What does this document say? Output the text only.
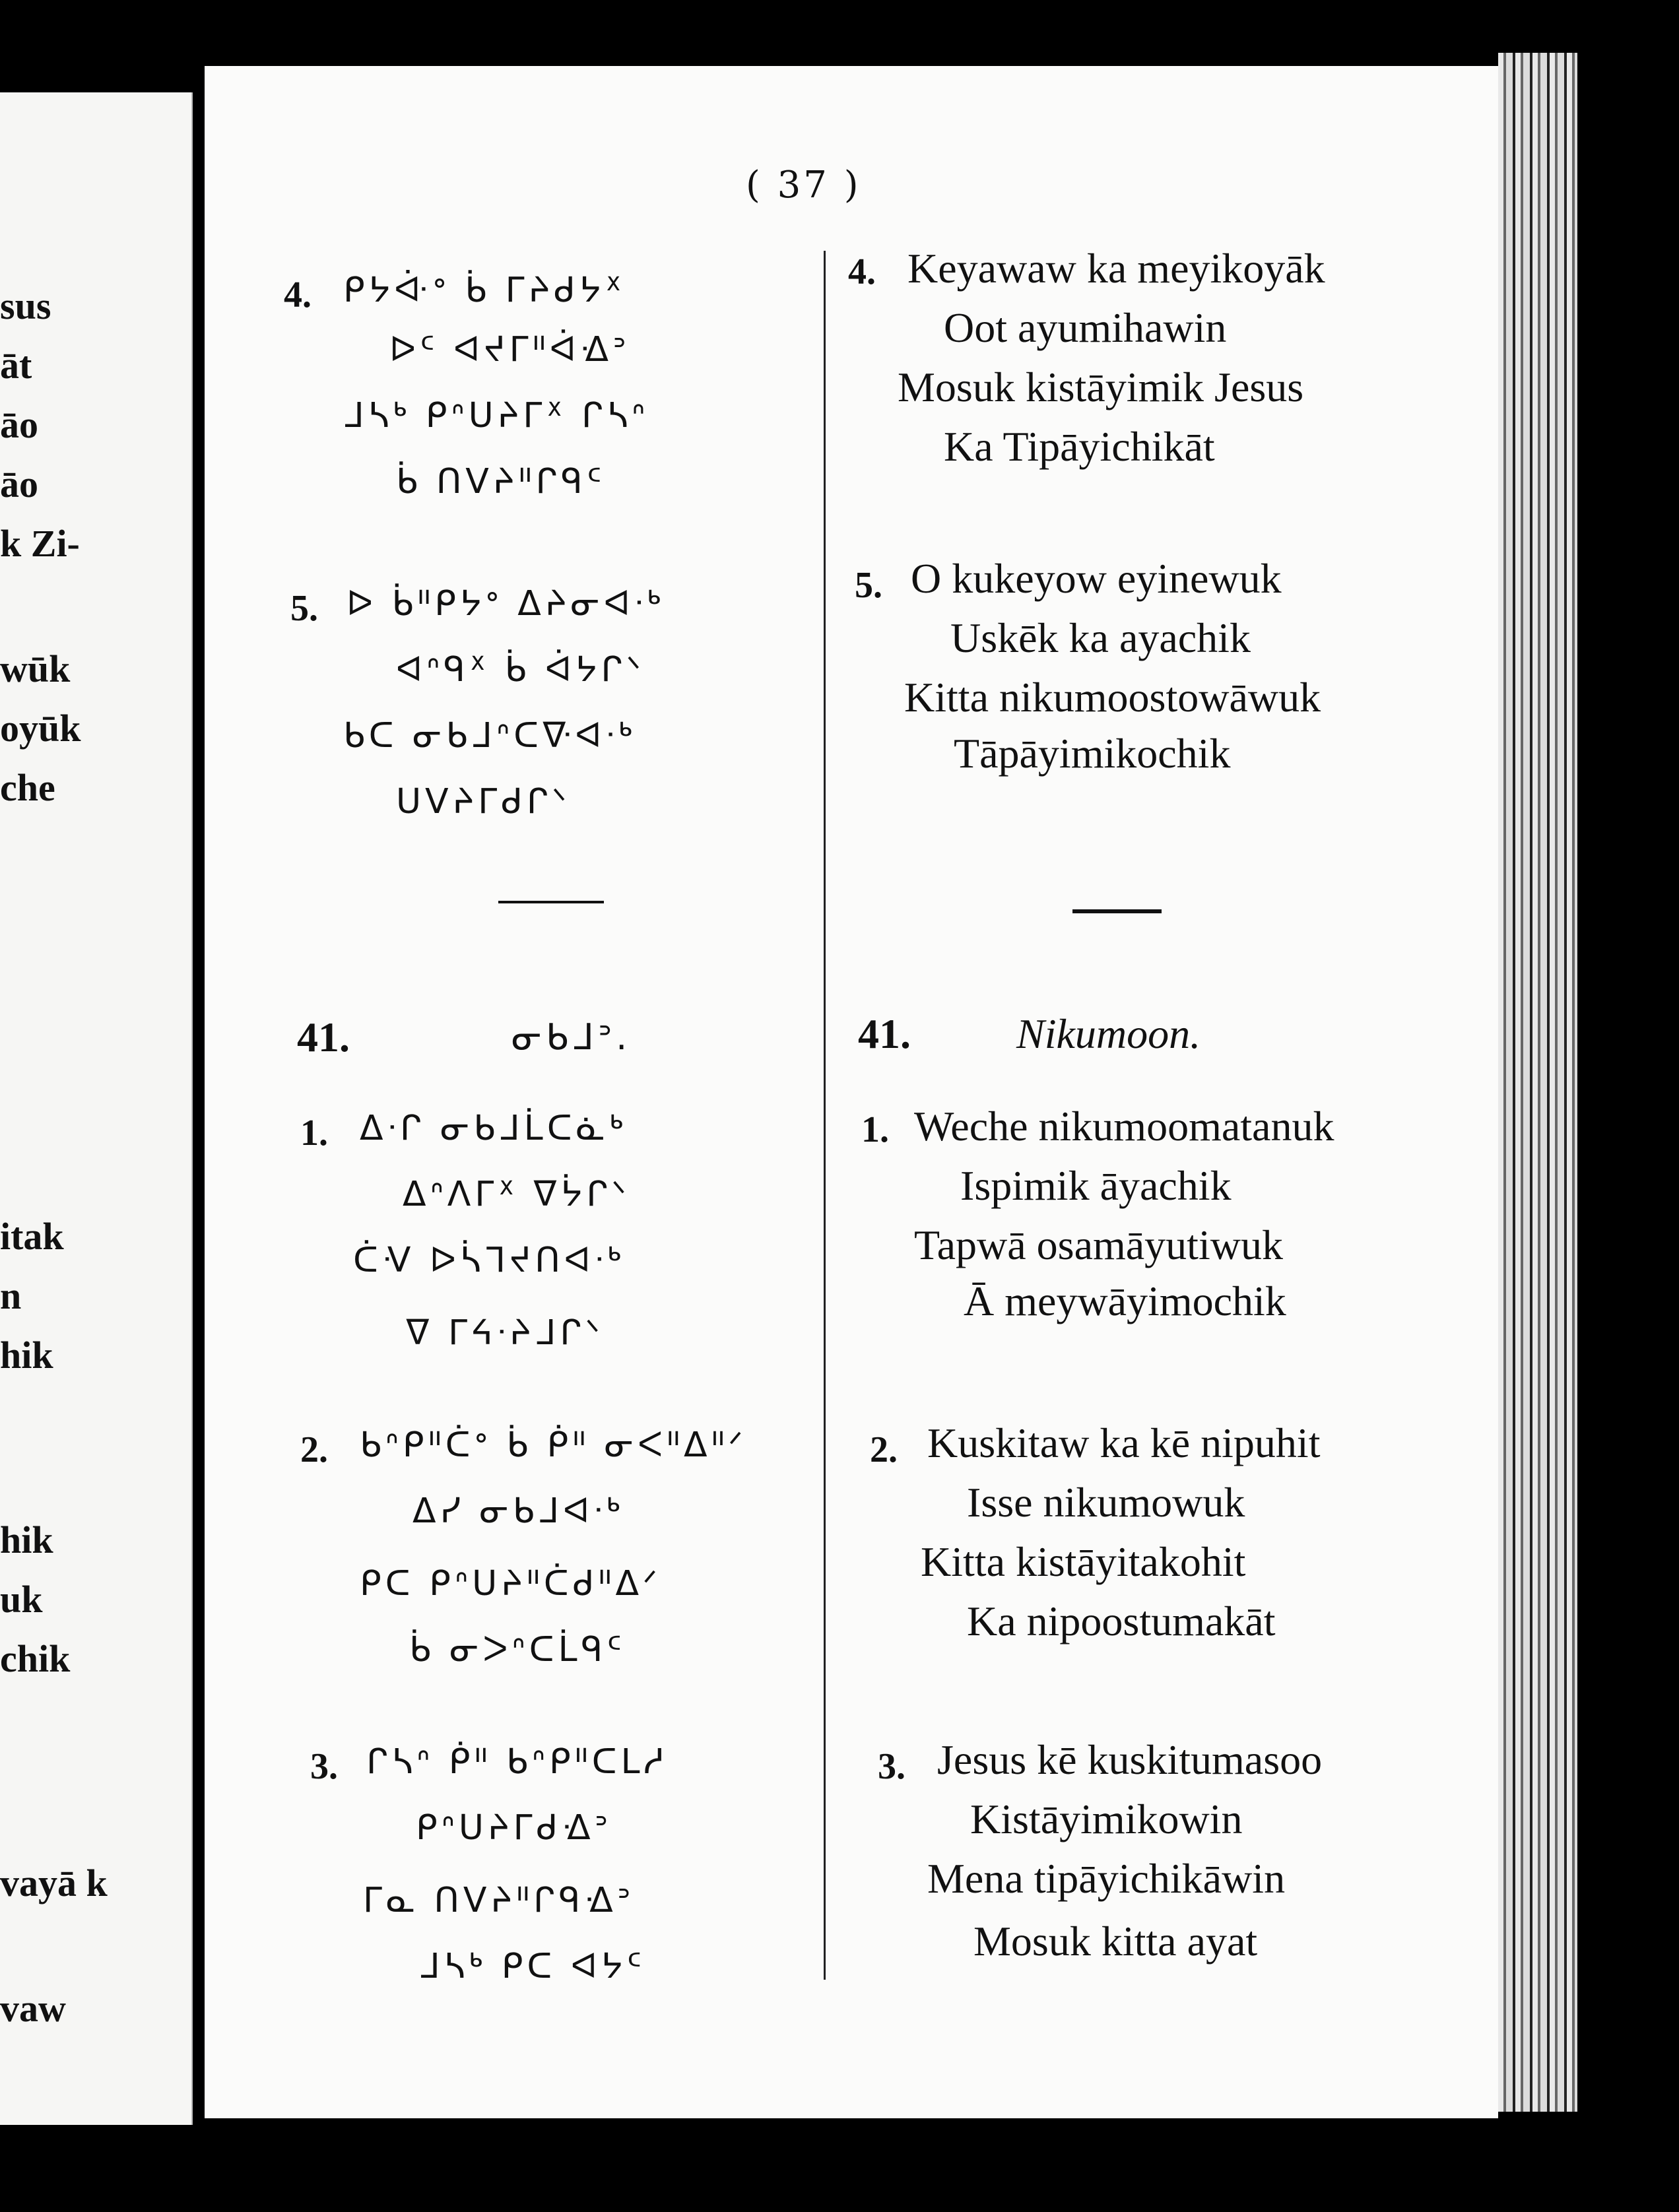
sus
āt
āo
āo
k Zi-
wūk
oyūk
che
itak
n
hik
hik
uk
chik
vayā k
vaw
( 37 )
4. ᑭᔭᐚᐤ ᑳ ᒥᔨᑯᔭᕽ
ᐅᑦ ᐊᔪᒥᐦᐋᐎᐣ
ᒧᓴᒃ ᑭᐢᑌᔨᒥᕽ ᒋᓴᐢ
ᑳ ᑎᐯᔨᐦᒋᑫᑦ
5. ᐅ ᑳᐦᑭᔭᐤ ᐃᔨᓂᐊᐧᒃ
ᐊᐢᑫᕽ ᑳ ᐋᔭᒋᐠ
ᑲᑕ ᓂᑲᒧᐢᑕᐍᐊᐧᒃ
ᑌᐯᔨᒥᑯᒋᐠ
41.	ᓂᑲᒧᐣ.
1. ᐃᐧᒋ ᓂᑲᒧᒫᑕᓈᒃ
ᐃᐢᐱᒥᕽ ᐁᔮᒋᐠ
ᑖᐺ ᐅᓵᒣᔪᑎᐊᐧᒃ
ᐁ ᒥᔦᐧᔨᒧᒋᐠ
2. ᑲᐢᑭᐦᑖᐤ ᑳ ᑮᐦ ᓂᐸᐦᐃᐦᐟ
ᐃᓯ ᓂᑲᒧᐊᐧᒃ
ᑭᑕ ᑭᐢᑌᔨᐦᑖᑯᐦᐃᐟ
ᑳ ᓂᐳᐢᑕᒫᑫᑦ
3. ᒋᓴᐢ ᑮᐦ ᑲᐢᑭᐦᑕᒪᓱ
ᑭᐢᑌᔨᒥᑯᐎᐣ
ᒥᓇ ᑎᐯᔨᐦᒋᑫᐎᐣ
ᒧᓴᒃ ᑭᑕ ᐊᔭᑦ
4. Keyawaw ka meyikoyāk
Oot ayumihawin
Mosuk kistāyimik Jesus
Ka Tipāyichikāt
5. O kukeyow eyinewuk
Uskēk ka ayachik
Kitta nikumoostowāwuk
Tāpāyimikochik
41.	Nikumoon.
1. Weche nikumoomatanuk
Ispimik āyachik
Tapwā osamāyutiwuk
Ā meywāyimochik
2. Kuskitaw ka kē nipuhit
Isse nikumowuk
Kitta kistāyitakohit
Ka nipoostumakāt
3. Jesus kē kuskitumasoo
Kistāyimikowin
Mena tipāyichikāwin
Mosuk kitta ayat
